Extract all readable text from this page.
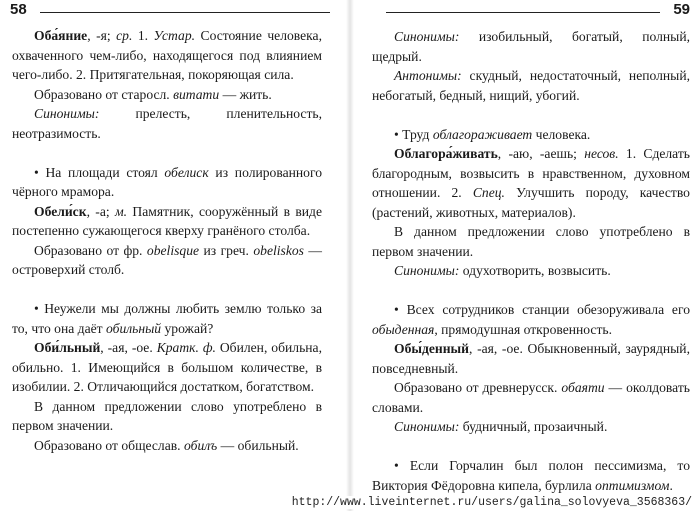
58

Оба́яние, -я; ср. 1. Устар. Состояние человека, охваченного чем-либо, находящегося под влиянием чего-либо. 2. Притягательная, покоряющая сила.

Образовано от старосл. витати — жить.

Синонимы: прелесть, пленительность, неотразимость.

• На площади стоял обелиск из полированного чёрного мрамора.

Обели́ск, -а; м. Памятник, сооружённый в виде постепенно сужающегося кверху гранёного столба.

Образовано от фр. obelisque из греч. obeliskos — островерхий столб.

• Неужели мы должны любить землю только за то, что она даёт обильный урожай?

Оби́льный, -ая, -ое. Кратк. ф. Обилен, обильна, обильно. 1. Имеющийся в большом количестве, в изобилии. 2. Отличающийся достатком, богатством.

В данном предложении слово употреблено в первом значении.

Образовано от общеслав. обилъ — обильный.

59

Синонимы: изобильный, богатый, полный, щедрый.

Антонимы: скудный, недостаточный, неполный, небогатый, бедный, нищий, убогий.

• Труд облагораживает человека.

Облагора́живать, -аю, -аешь; несов. 1. Сделать благородным, возвысить в нравственном, духовном отношении. 2. Спец. Улучшить породу, качество (растений, животных, материалов).

В данном предложении слово употреблено в первом значении.

Синонимы: одухотворить, возвысить.

• Всех сотрудников станции обезоруживала его обыденная, прямодушная откровенность.

Обы́денный, -ая, -ое. Обыкновенный, заурядный, повседневный.

Образовано от древнерусск. обаяти — околдовать словами.

Синонимы: будничный, прозаичный.

• Если Горчалин был полон пессимизма, то Виктория Фёдоровна кипела, бурлила оптимизмом.

http://www.liveinternet.ru/users/galina_solovyeva_3568363/
